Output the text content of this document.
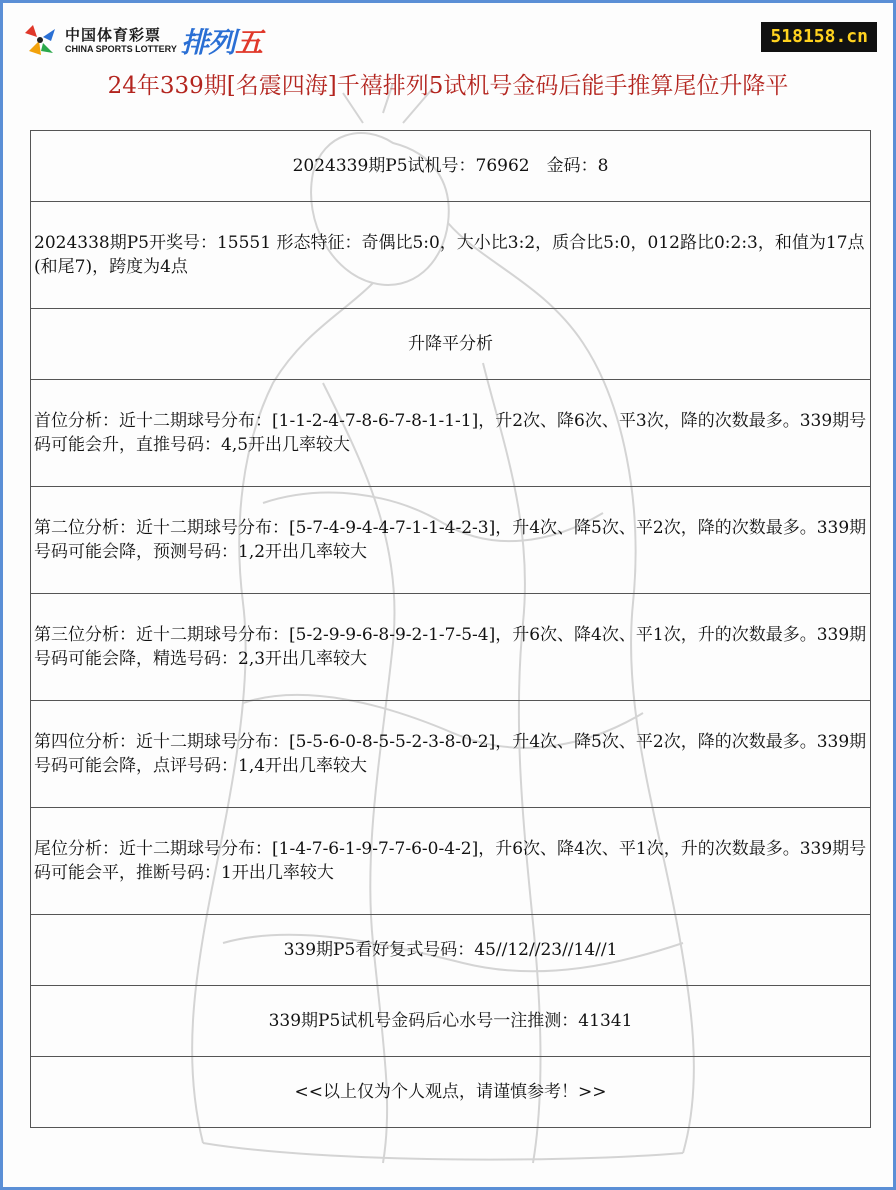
中国体育彩票
CHINA SPORTS LOTTERY 排列五	518158.cn
24年339期[名震四海]千禧排列5试机号金码后能手推算尾位升降平
2024339期P5试机号：76962　金码：8
2024338期P5开奖号：15551 形态特征：奇偶比5:0，大小比3:2，质合比5:0，012路比0:2:3，和值为17点(和尾7)，跨度为4点
升降平分析
首位分析：近十二期球号分布：[1-1-2-4-7-8-6-7-8-1-1-1]，升2次、降6次、平3次，降的次数最多。339期号码可能会升，直推号码：4,5开出几率较大
第二位分析：近十二期球号分布：[5-7-4-9-4-4-7-1-1-4-2-3]，升4次、降5次、平2次，降的次数最多。339期号码可能会降，预测号码：1,2开出几率较大
第三位分析：近十二期球号分布：[5-2-9-9-6-8-9-2-1-7-5-4]，升6次、降4次、平1次，升的次数最多。339期号码可能会降，精选号码：2,3开出几率较大
第四位分析：近十二期球号分布：[5-5-6-0-8-5-5-2-3-8-0-2]，升4次、降5次、平2次，降的次数最多。339期号码可能会降，点评号码：1,4开出几率较大
尾位分析：近十二期球号分布：[1-4-7-6-1-9-7-7-6-0-4-2]，升6次、降4次、平1次，升的次数最多。339期号码可能会平，推断号码：1开出几率较大
339期P5看好复式号码：45//12//23//14//1
339期P5试机号金码后心水号一注推测：41341
<<以上仅为个人观点，请谨慎参考！>>
